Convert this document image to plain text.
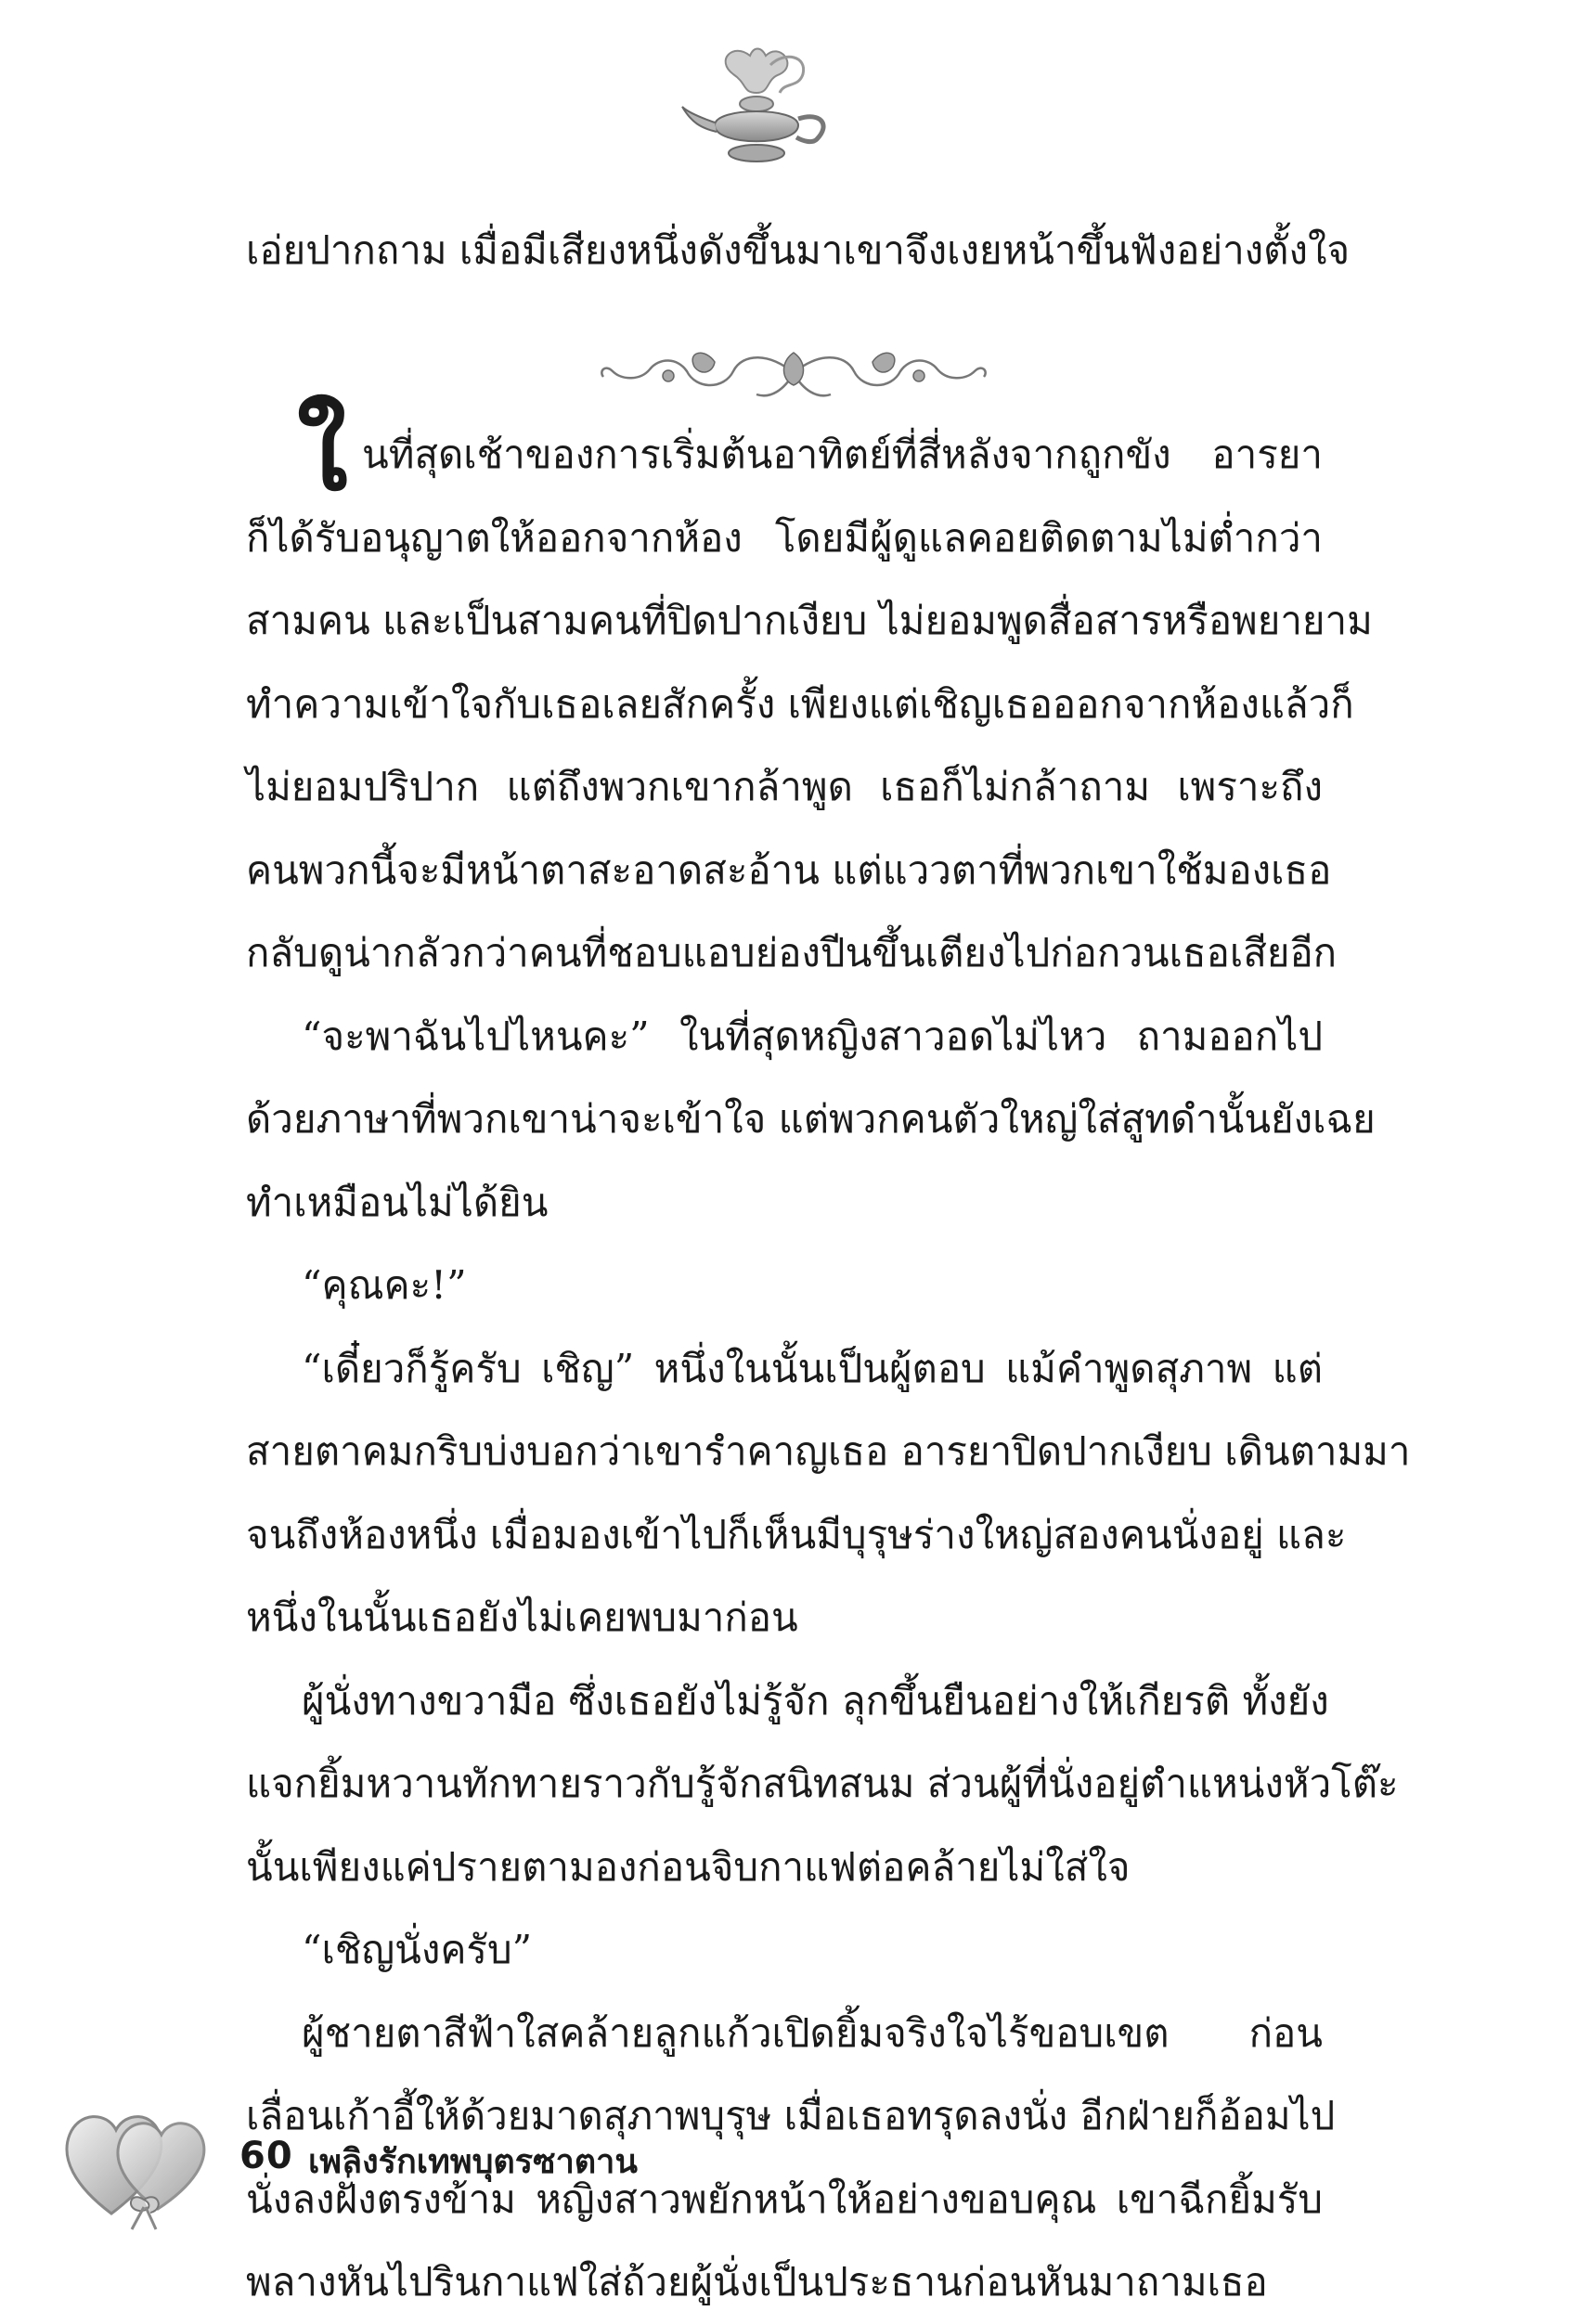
เอ่ยปากถาม เมื่อมีเสียงหนึ่งดังขึ้นมาเขาจึงเงยหน้าขึ้นฟังอย่างตั้งใจ
ใ นที่สุดเช้าของการเริ่มต้นอาทิตย์ที่สี่หลังจากถูกขัง อารยา
ก็ได้รับอนุญาตให้ออกจากห้อง โดยมีผู้ดูแลคอยติดตามไม่ต่ำกว่า
สามคน และเป็นสามคนที่ปิดปากเงียบ ไม่ยอมพูดสื่อสารหรือพยายาม
ทำความเข้าใจกับเธอเลยสักครั้ง เพียงแต่เชิญเธอออกจากห้องแล้วก็
ไม่ยอมปริปาก แต่ถึงพวกเขากล้าพูด เธอก็ไม่กล้าถาม เพราะถึง
คนพวกนี้จะมีหน้าตาสะอาดสะอ้าน แต่แววตาที่พวกเขาใช้มองเธอ
กลับดูน่ากลัวกว่าคนที่ชอบแอบย่องปีนขึ้นเตียงไปก่อกวนเธอเสียอีก
“จะพาฉันไปไหนคะ” ในที่สุดหญิงสาวอดไม่ไหว ถามออกไป
ด้วยภาษาที่พวกเขาน่าจะเข้าใจ แต่พวกคนตัวใหญ่ใส่สูทดำนั้นยังเฉย
ทำเหมือนไม่ได้ยิน
“คุณคะ!”
“เดี๋ยวก็รู้ครับ เชิญ” หนึ่งในนั้นเป็นผู้ตอบ แม้คำพูดสุภาพ แต่
สายตาคมกริบบ่งบอกว่าเขารำคาญเธอ อารยาปิดปากเงียบ เดินตามมา
จนถึงห้องหนึ่ง เมื่อมองเข้าไปก็เห็นมีบุรุษร่างใหญ่สองคนนั่งอยู่ และ
หนึ่งในนั้นเธอยังไม่เคยพบมาก่อน
ผู้นั่งทางขวามือ ซึ่งเธอยังไม่รู้จัก ลุกขึ้นยืนอย่างให้เกียรติ ทั้งยัง
แจกยิ้มหวานทักทายราวกับรู้จักสนิทสนม ส่วนผู้ที่นั่งอยู่ตำแหน่งหัวโต๊ะ
นั้นเพียงแค่ปรายตามองก่อนจิบกาแฟต่อคล้ายไม่ใส่ใจ
“เชิญนั่งครับ”
ผู้ชายตาสีฟ้าใสคล้ายลูกแก้วเปิดยิ้มจริงใจไร้ขอบเขต ก่อน
เลื่อนเก้าอี้ให้ด้วยมาดสุภาพบุรุษ เมื่อเธอทรุดลงนั่ง อีกฝ่ายก็อ้อมไป
นั่งลงฝั่งตรงข้าม หญิงสาวพยักหน้าให้อย่างขอบคุณ เขาฉีกยิ้มรับ
พลางหันไปรินกาแฟใส่ถ้วยผู้นั่งเป็นประธานก่อนหันมาถามเธอ
60 เพลิงรักเทพบุตรซาตาน
